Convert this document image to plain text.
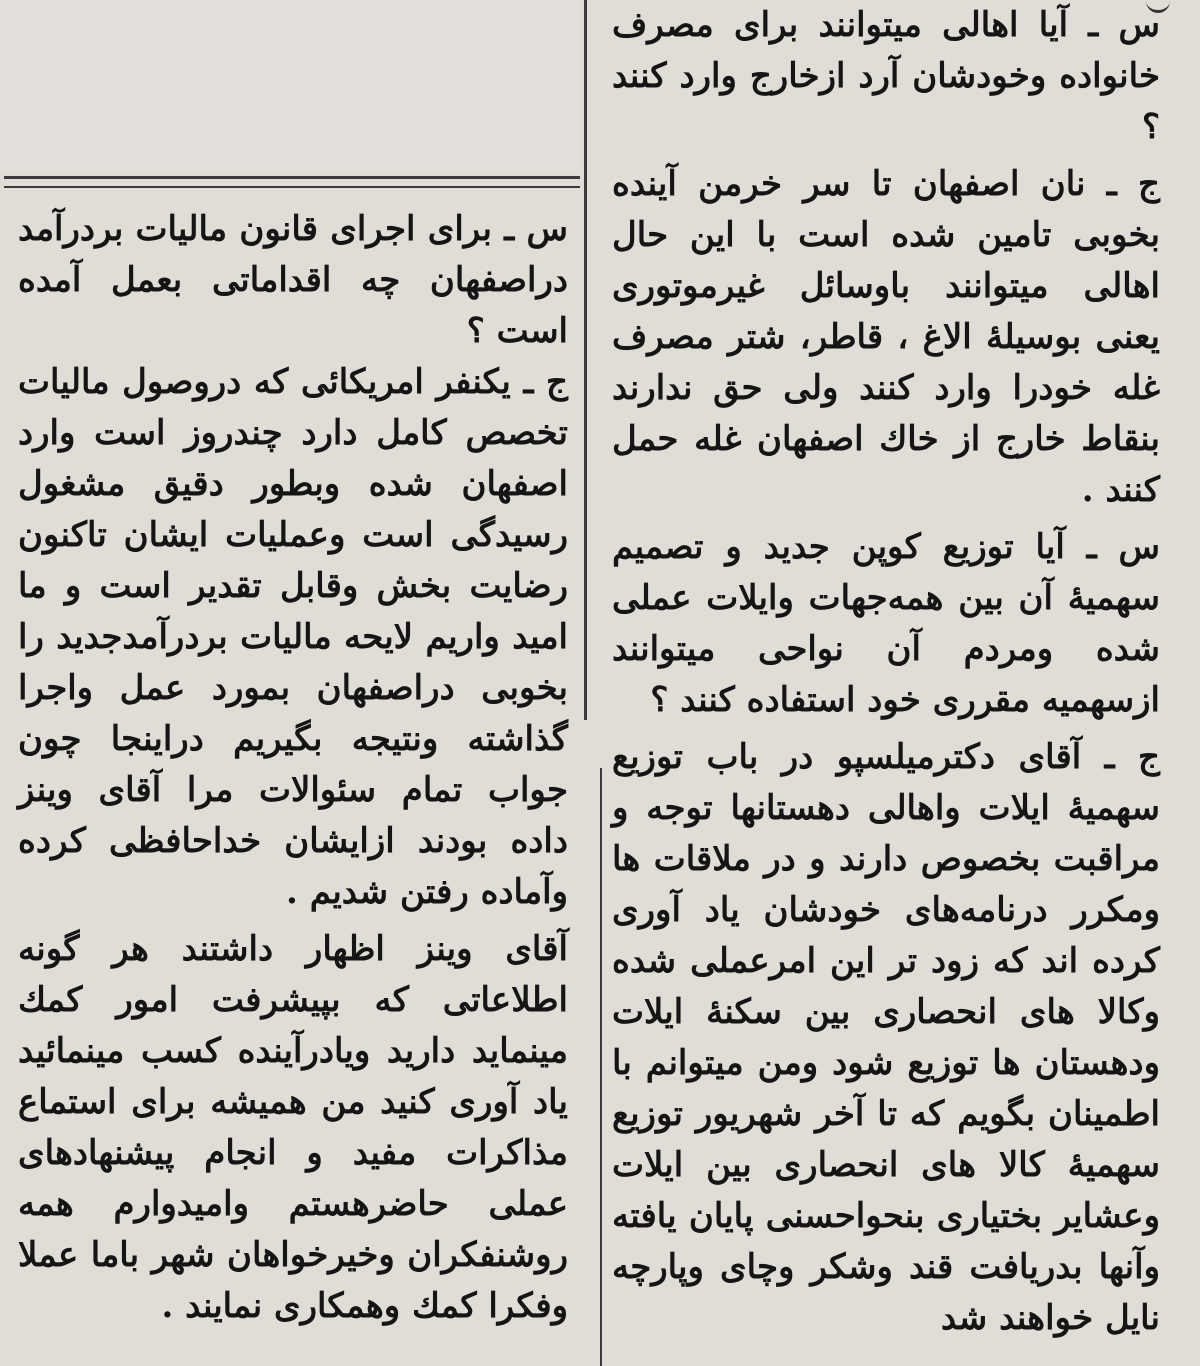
س ـ آیا اهالی میتوانند برای مصرف خانواده وخودشان آرد ازخارج وارد کنند ؟

ج ـ نان اصفهان تا سر خرمن آینده بخوبی تامین شده است با این حال اهالی میتوانند باوسائل غیرموتوری یعنی بوسیلهٔ الاغ ، قاطر، شتر مصرف غله خودرا وارد کنند ولی حق ندارند بنقاط خارج از خاك اصفهان غله حمل کنند .

س ـ آیا توزیع کوپن جدید و تصمیم سهمیهٔ آن بین همه‌جهات وایلات عملی شده ومردم آن نواحی میتوانند ازسهمیه مقرری خود استفاده کنند ؟

ج ـ آقای دکترمیلسپو در باب توزیع سهمیهٔ ایلات واهالی دهستانها توجه و مراقبت بخصوص دارند و در ملاقات ها ومکرر درنامه‌های خودشان یاد آوری کرده اند که زود تر این امرعملی شده وکالا های انحصاری بین سکنهٔ ایلات ودهستان ها توزیع شود ومن میتوانم با اطمینان بگویم که تا آخر شهریور توزیع سهمیهٔ کالا های انحصاری بین ایلات وعشایر بختیاری بنحواحسنی پایان یافته وآنها بدریافت قند وشکر وچای وپارچه نایل خواهند شد

س ـ برای اجرای قانون مالیات بردرآمد دراصفهان چه اقداماتی بعمل آمده است ؟

ج ـ یکنفر امریکائی که دروصول مالیات تخصص کامل دارد چندروز است وارد اصفهان شده وبطور دقیق مشغول رسیدگی است وعملیات ایشان تاکنون رضایت بخش وقابل تقدیر است و ما امید واریم لایحه مالیات بردرآمدجدید را بخوبی دراصفهان بمورد عمل واجرا گذاشته ونتیجه بگیریم دراینجا چون جواب تمام سئوالات مرا آقای وینز داده بودند ازایشان خداحافظی کرده وآماده رفتن شدیم .

آقای وینز اظهار داشتند هر گونه اطلاعاتی که بپیشرفت امور کمك مینماید دارید ویادرآینده کسب مینمائید یاد آوری کنید من همیشه برای استماع مذاکرات مفید و انجام پیشنهادهای عملی حاضرهستم وامیدوارم همه روشنفکران وخیرخواهان شهر باما عملا وفکرا کمك وهمکاری نمایند .
